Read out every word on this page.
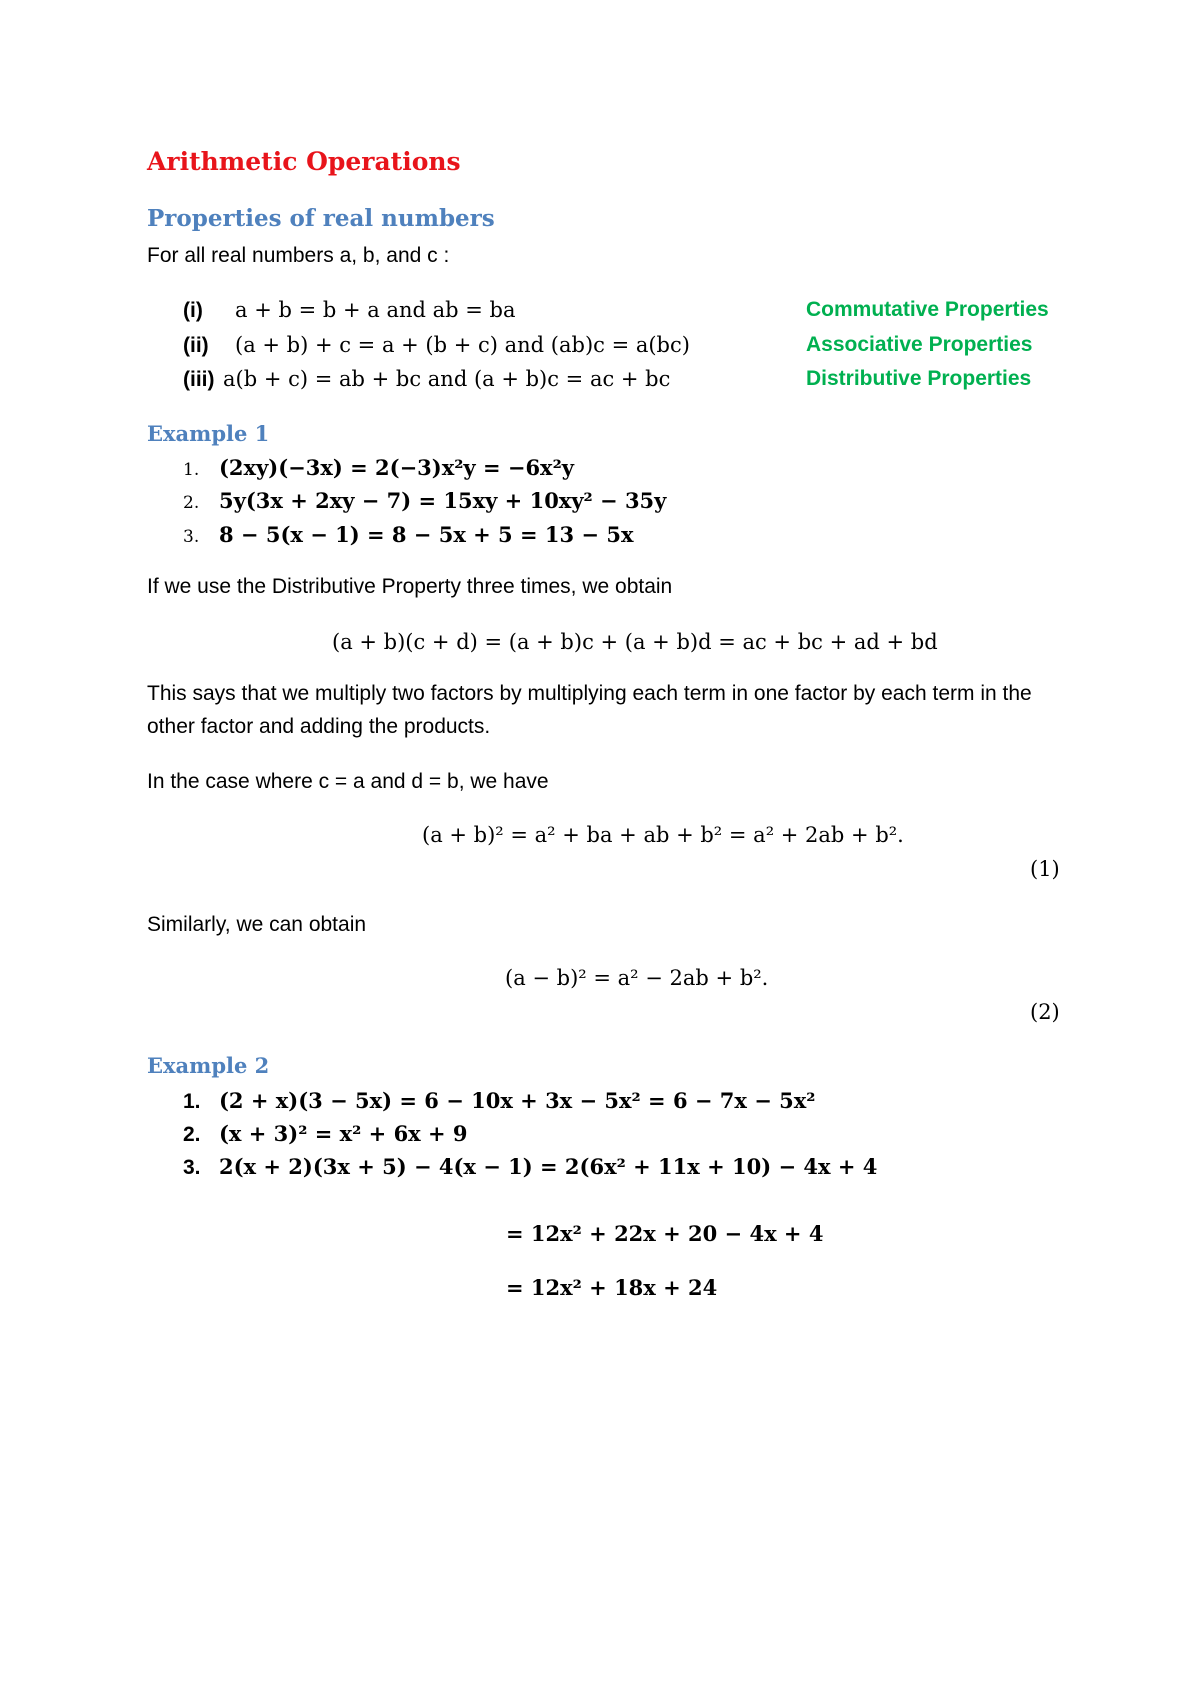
Arithmetic Operations
Properties of real numbers
For all real numbers a, b, and c :
(i) a + b = b + a and ab = ba	Commutative Properties
(ii) (a + b) + c = a + (b + c) and (ab)c = a(bc)	Associative Properties
(iii) a(b + c) = ab + bc and (a + b)c = ac + bc	Distributive Properties
Example 1
1. (2xy)(−3x) = 2(−3)x²y = −6x²y
2. 5y(3x + 2xy − 7) = 15xy + 10xy² − 35y
3. 8 − 5(x − 1) = 8 − 5x + 5 = 13 − 5x
If we use the Distributive Property three times, we obtain
(a + b)(c + d) = (a + b)c + (a + b)d = ac + bc + ad + bd
This says that we multiply two factors by multiplying each term in one factor by each term in the other factor and adding the products.
In the case where c = a and d = b, we have
(a + b)² = a² + ba + ab + b² = a² + 2ab + b².
(1)
Similarly, we can obtain
(a − b)² = a² − 2ab + b².
(2)
Example 2
1. (2 + x)(3 − 5x) = 6 − 10x + 3x − 5x² = 6 − 7x − 5x²
2. (x + 3)² = x² + 6x + 9
3. 2(x + 2)(3x + 5) − 4(x − 1) = 2(6x² + 11x + 10) − 4x + 4
= 12x² + 22x + 20 − 4x + 4
= 12x² + 18x + 24
